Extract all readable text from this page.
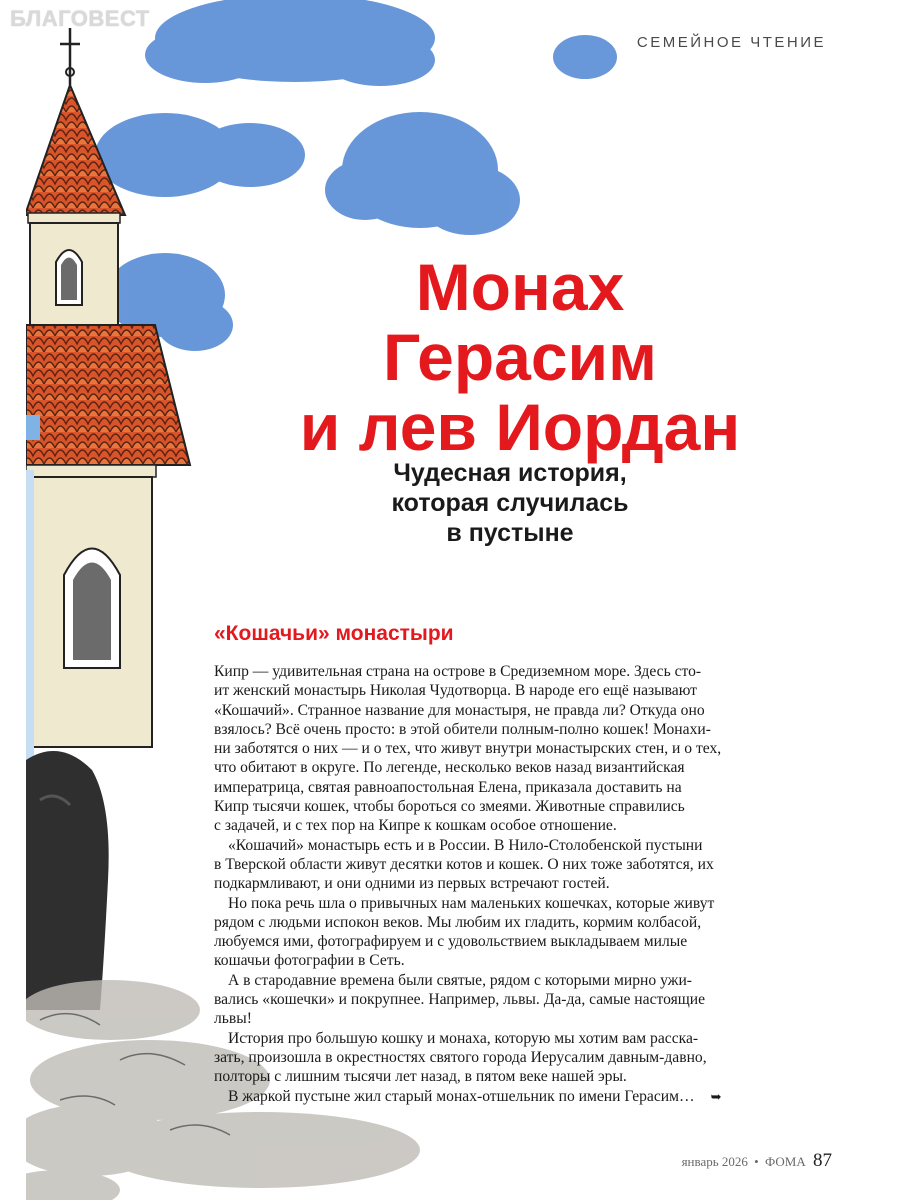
БЛАГОВЕСТ
СЕМЕЙНОЕ ЧТЕНИЕ
Монах
Герасим
и лев Иордан
Чудесная история,
которая случилась
в пустыне
«Кошачьи» монастыри
Кипр — удивительная страна на острове в Средиземном море. Здесь сто-
ит женский монастырь Николая Чудотворца. В народе его ещё называют
«Кошачий». Странное название для монастыря, не правда ли? Откуда оно
взялось? Всё очень просто: в этой обители полным-полно кошек! Монахи-
ни заботятся о них — и о тех, что живут внутри монастырских стен, и о тех,
что обитают в округе. По легенде, несколько веков назад византийская
императрица, святая равноапостольная Елена, приказала доставить на
Кипр тысячи кошек, чтобы бороться со змеями. Животные справились
с задачей, и с тех пор на Кипре к кошкам особое отношение.
«Кошачий» монастырь есть и в России. В Нило-Столобенской пустыни
в Тверской области живут десятки котов и кошек. О них тоже заботятся, их
подкармливают, и они одними из первых встречают гостей.
Но пока речь шла о привычных нам маленьких кошечках, которые живут
рядом с людьми испокон веков. Мы любим их гладить, кормим колбасой,
любуемся ими, фотографируем и с удовольствием выкладываем милые
кошачьи фотографии в Сеть.
А в стародавние времена были святые, рядом с которыми мирно ужи-
вались «кошечки» и покрупнее. Например, львы. Да-да, самые настоящие
львы!
История про большую кошку и монаха, которую мы хотим вам расска-
зать, произошла в окрестностях святого города Иерусалим давным-давно,
полторы с лишним тысячи лет назад, в пятом веке нашей эры.
В жаркой пустыне жил старый монах-отшельник по имени Герасим… ➥
январь 2026 • ФОМА 87
